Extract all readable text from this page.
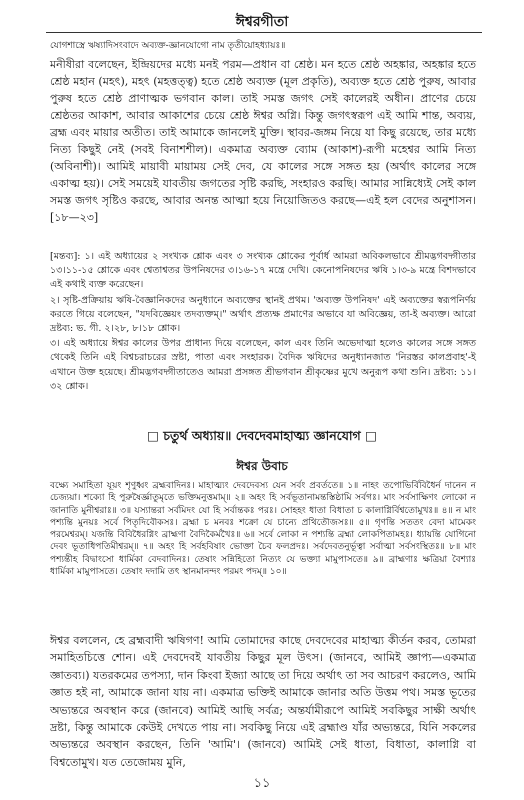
ঈশ্বরগীতা
যোগশাস্ত্রে ঋষ্যাদিসংবাদে অব্যক্ত-জ্ঞানযোগো নাম তৃতীয়োহধ্যায়ঃ॥
মনীষীরা বলেছেন, ইন্দ্রিয়দের মধ্যে মনই পরম—প্রধান বা শ্রেষ্ঠ। মন হতে শ্রেষ্ঠ অহঙ্কার, অহঙ্কার হতে শ্রেষ্ঠ মহান (মহৎ), মহৎ (মহত্তত্ত্ব) হতে শ্রেষ্ঠ অব্যক্ত (মূল প্রকৃতি), অব্যক্ত হতে শ্রেষ্ঠ পুরুষ, আবার পুরুষ হতে শ্রেষ্ঠ প্রাণাত্মক ভগবান কাল। তাই সমস্ত জগৎ সেই কালেরই অধীন। প্রাণের চেয়ে শ্রেষ্ঠতর আকাশ, আবার আকাশের চেয়ে শ্রেষ্ঠ ঈশ্বর অগ্নি। কিন্তু জগৎস্বরূপ এই আমি শান্ত, অব্যয়, ব্রহ্ম এবং মায়ার অতীত। তাই আমাকে জানলেই মুক্তি। স্থাবর-জঙ্গম নিয়ে যা কিছু রয়েছে, তার মধ্যে নিত্য কিছুই নেই (সবই বিনাশশীল)। একমাত্র অব্যক্ত ব্যোম (আকাশ)-রূপী মহেশ্বর আমি নিত্য (অবিনাশী)। আমিই মায়াবী মায়াময় সেই দেব, যে কালের সঙ্গে সঙ্গত হয় (অর্থাৎ কালের সঙ্গে একাত্ম হয়)। সেই সময়েই যাবতীয় জগতের সৃষ্টি করছি, সংহারও করছি। আমার সান্নিধ্যেই সেই কাল সমস্ত জগৎ সৃষ্টিও করছে, আবার অনন্ত আত্মা হয়ে নিয়োজিতও করছে—এই হল বেদের অনুশাসন। [১৮—২৩]

[মন্তব্য]: ১। এই অধ্যায়ের ২ সংখ্যক শ্লোক এবং ৩ সংখ্যক শ্লোকের পূর্বার্ধ আমরা অবিকলভাবে শ্রীমদ্ভগবদ্গীতার ১৩।১১-১৫ শ্লোকে এবং শ্বেতাশ্বতর উপনিষদের ৩।১৬-১৭ মন্ত্রে দেখি। কেনোপনিষদের ঋষি ১।৩-৯ মন্ত্রে বিশদভাবে এই কথাই ব্যক্ত করেছেন।

২। সৃষ্টি-প্রক্রিয়ায় ঋষি-বৈজ্ঞানিকদের অনুধ্যানে অব্যক্তের স্থানই প্রথম। 'অব্যক্ত উপনিষদ' এই অব্যক্তের স্বরূপনির্ণয় করতে গিয়ে বলেছেন, "যদবিজ্ঞেয়ং তদব্যক্তম্।" অর্থাৎ প্রত্যক্ষ প্রমাণের অভাবে যা অবিজ্ঞেয়, তা-ই অব্যক্ত। আরো দ্রষ্টব্য: ভ. গী. ২।২৮, ৮।১৮ শ্লোক।

৩। এই অধ্যায়ে ঈশ্বর কালের উপর প্রাধান্য দিয়ে বলেছেন, কাল এবং তিনি অভেদাত্মা হলেও কালের সঙ্গে সঙ্গত থেকেই তিনি এই বিশ্বচরাচরের স্রষ্টা, পাতা এবং সংহারক। বৈদিক ঋষিদের অনুধ্যানজাত 'নিরস্তর কালপ্রবাহ'-ই এখানে উক্ত হয়েছে। শ্রীমদ্ভগবদ্গীতাতেও আমরা প্রসঙ্গত শ্রীভগবান শ্রীকৃষ্ণের মুখে অনুরূপ কথা শুনি। দ্রষ্টব্য: ১১।৩২ শ্লোক।

□ চতুর্থ অধ্যায়॥ দেবদেবমাহাত্ম্য জ্ঞানযোগ □
ঈশ্বর উবাচ
বক্ষ্যে সমাহিতা যূয়ং শৃণুধ্বং ব্রহ্মবাদিনঃ। মাহাত্ম্যং দেবদেবস্য যেন সর্বং প্রবর্ততে॥ ১॥ নাহং তপোভির্বিবিধৈর্ন দানেন ন চেজ্যয়া। শক্যো হি পুরুষৈর্জ্ঞাতুমৃতে ভক্তিমনুত্তমাম্॥ ২॥ অহং হি সর্বভূতানামন্তস্তিষ্ঠামি সর্বগঃ। মাং সর্বসাক্ষিণং লোকো ন জানাতি মুনীশ্বরাঃ॥ ৩॥ যস্যান্তরা সর্বমিদং যো হি সর্বান্তকঃ পরঃ। সোহহং ধাতা বিধাতা চ কালাগ্নির্বিশ্বতোমুখঃ॥ ৪॥ ন মাং পশ্যন্তি মুনয়ঃ সর্বে পিতৃদিবৌকসঃ। ব্রহ্মা চ মনবঃ শক্রো যে চান্যে প্রথিতৌজসঃ॥ ৫॥ গৃণন্তি সততং বেদা মামেকং পরমেশ্বরম্। যজন্তি বিবিধৈরগ্নিং ব্রাহ্মণা বৈদিকৈর্মখৈঃ॥ ৬॥ সর্বে লোকা ন পশ্যন্তি ব্রহ্মা লোকপিতামহঃ। ধ্যায়ন্তি যোগিনো দেবং ভূতাধিপতিমীশ্বরম্॥ ৭॥ অহং হি সর্বহবিষাং ভোক্তা চৈব ফলপ্রদঃ। সর্বদেবতনুর্ভূত্বা সর্বাত্মা সর্বসংস্থিতঃ॥ ৮॥ মাং পশ্যন্তীহ বিদ্বাংসো ধার্মিকা বেদবাদিনঃ। তেষাং সন্নিহিতো নিত্যং যে ভক্ত্যা মামুপাসতে॥ ৯॥ ব্রাহ্মণাঃ ক্ষত্রিয়া বৈশ্যাঃ ধার্মিকা মামুপাসতে। তেষাং দদামি তৎ স্থানমানন্দং পরমং পদম্॥ ১০॥
ঈশ্বর বললেন, হে ব্রহ্মবাদী ঋষিগণ! আমি তোমাদের কাছে দেবদেবের মাহাত্ম্য কীর্তন করব, তোমরা সমাহিতচিত্তে শোন। এই দেবদেবই যাবতীয় কিছুর মূল উৎস। (জানবে, আমিই জ্ঞাপ্য—একমাত্র জ্ঞাতব্য।) যতরকমের তপস্যা, দান কিংবা ইজ্যা আছে তা দিয়ে অর্থাৎ তা সব আচরণ করলেও, আমি জ্ঞাত হই না, আমাকে জানা যায় না। একমাত্র ভক্তিই আমাকে জানার অতি উত্তম পথ। সমস্ত ভূতের অভ্যন্তরে অবস্থান করে (জানবে) আমিই আছি সর্বত্র; অন্তর্যামীরূপে আমিই সবকিছুর সাক্ষী অর্থাৎ দ্রষ্টা, কিন্তু আমাকে কেউই দেখতে পায় না। সবকিছু নিয়ে এই ব্রহ্মাণ্ড যাঁর অভ্যন্তরে, যিনি সকলের অভ্যন্তরে অবস্থান করছেন, তিনি 'আমি'। (জানবে) আমিই সেই ধাতা, বিধাতা, কালাগ্নি বা বিশ্বতোমুখ। যত তেজোময় মুনি,
১১
